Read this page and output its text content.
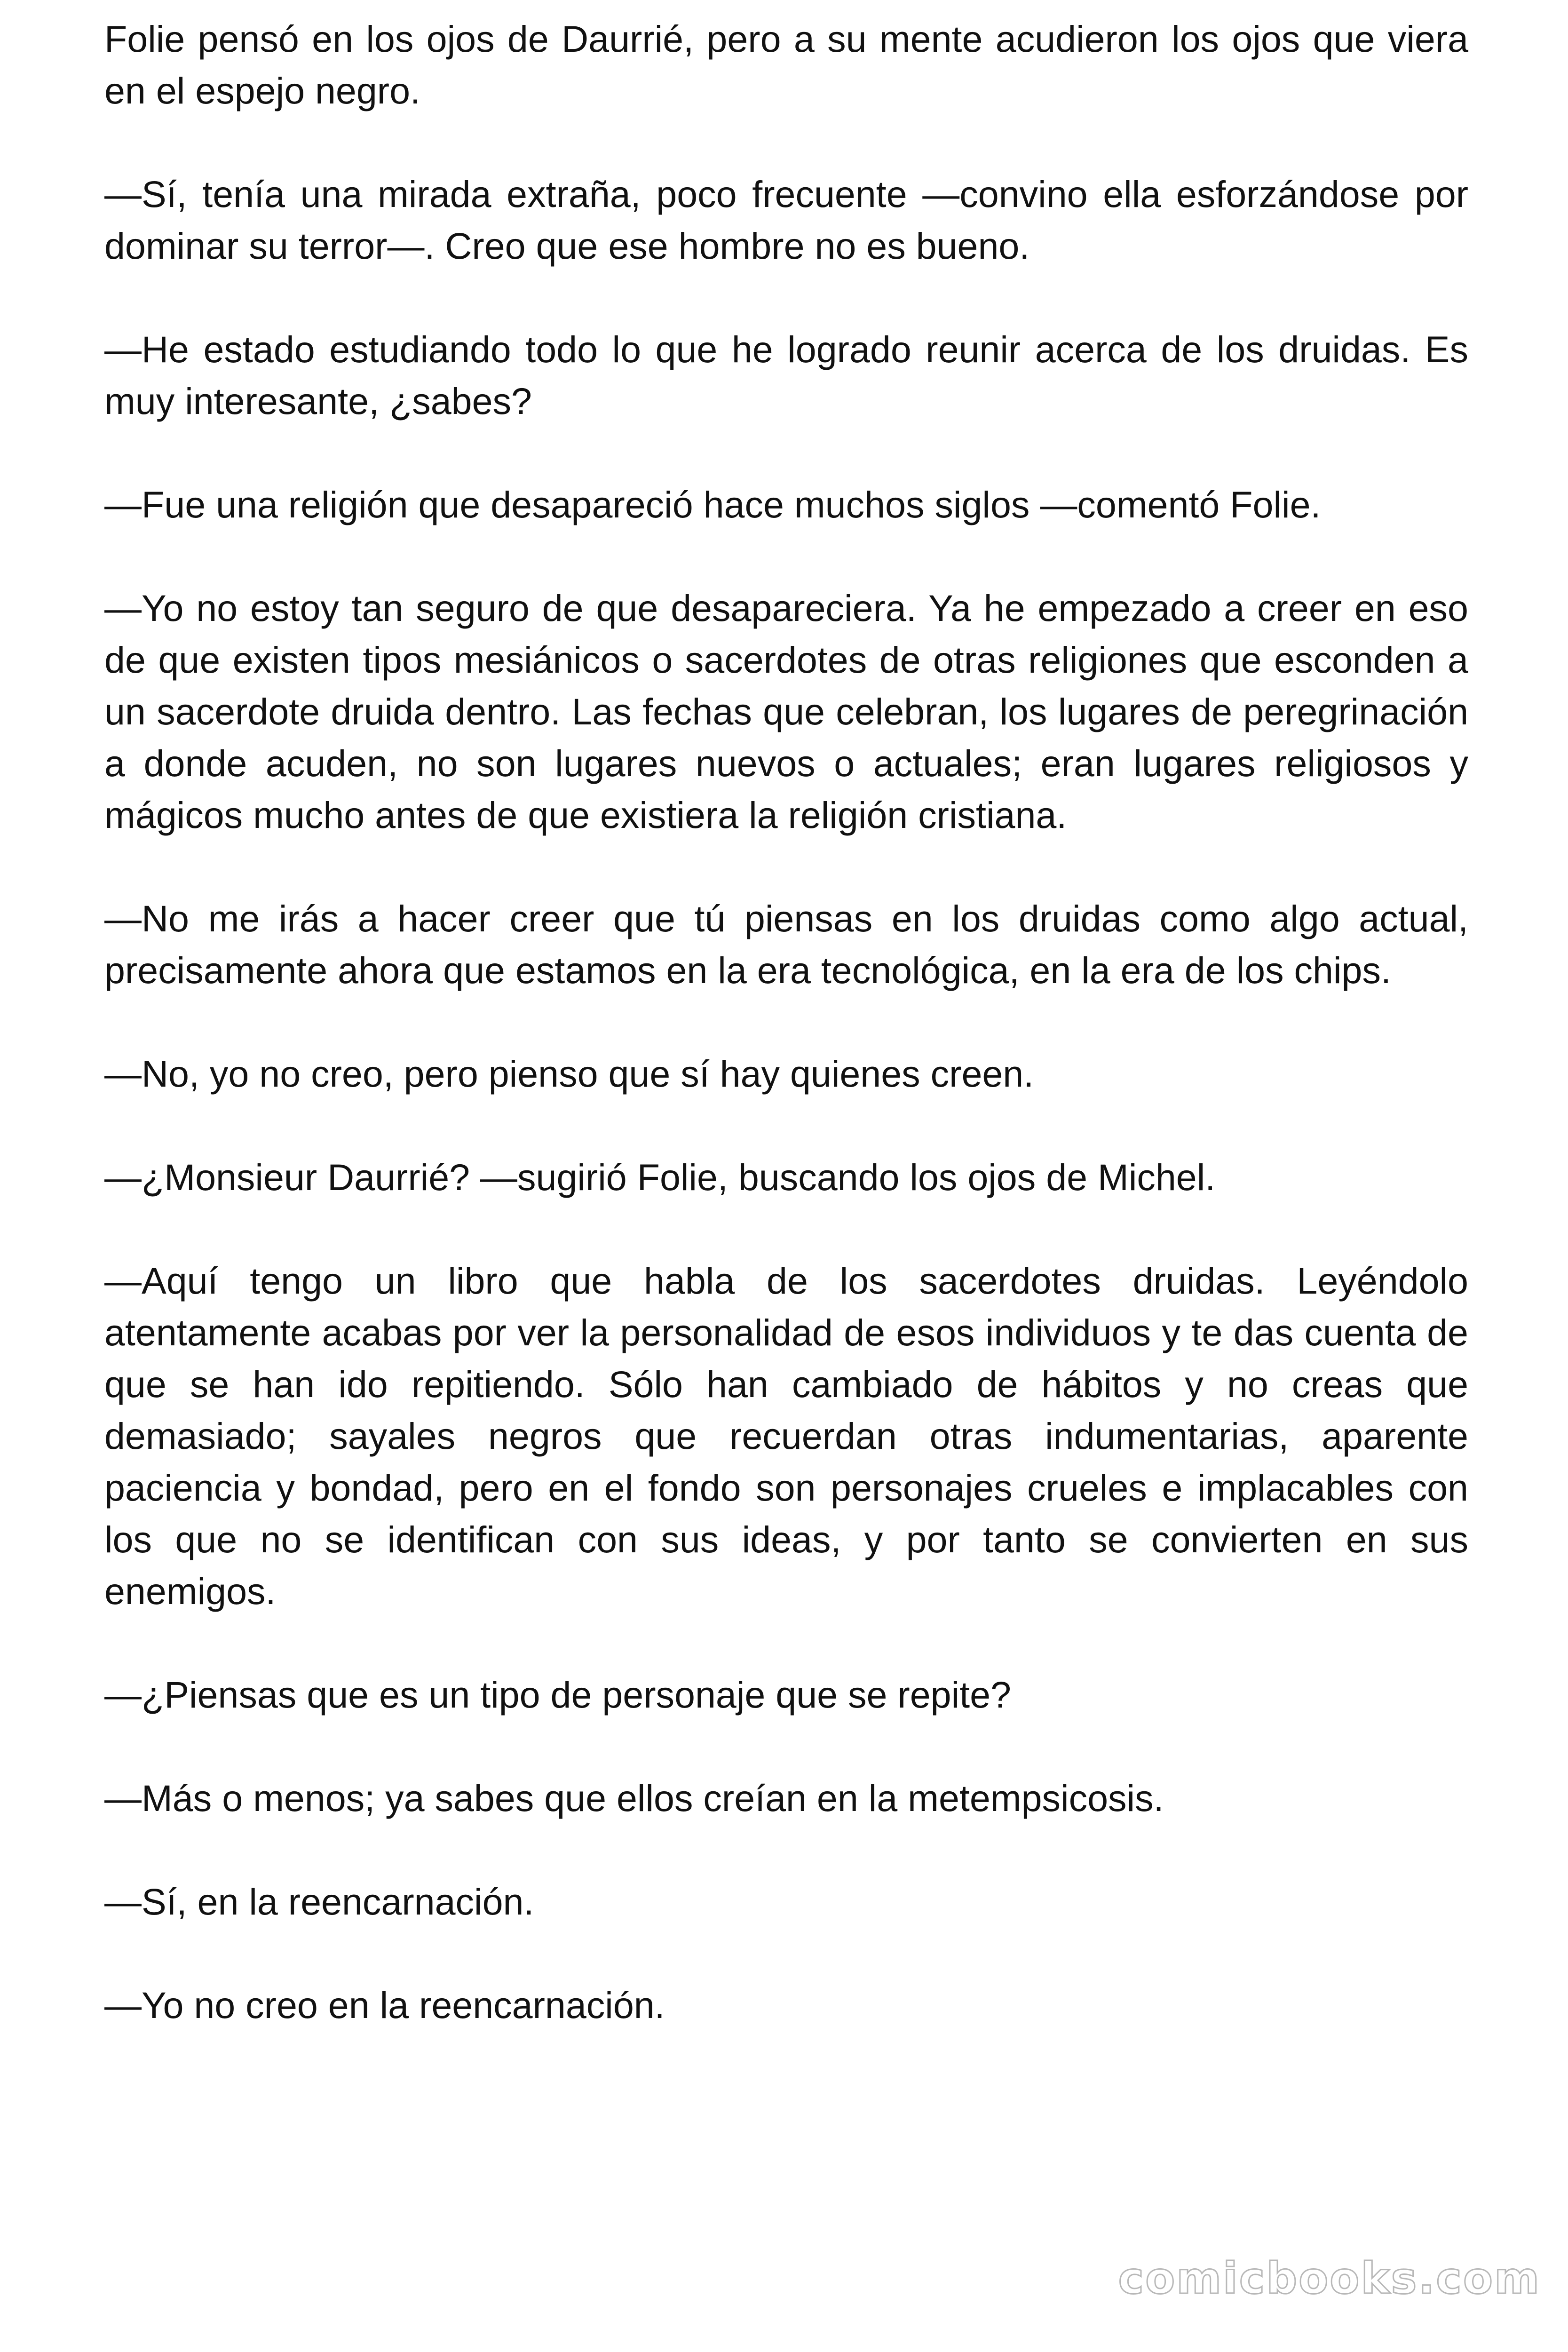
Folie pensó en los ojos de Daurrié, pero a su mente acudieron los ojos que viera en el espejo negro.

—Sí, tenía una mirada extraña, poco frecuente —convino ella esforzándose por dominar su terror—. Creo que ese hombre no es bueno.

—He estado estudiando todo lo que he logrado reunir acerca de los druidas. Es muy interesante, ¿sabes?

—Fue una religión que desapareció hace muchos siglos —comentó Folie.

—Yo no estoy tan seguro de que desapareciera. Ya he empezado a creer en eso de que existen tipos mesiánicos o sacerdotes de otras religiones que esconden a un sacerdote druida dentro. Las fechas que celebran, los lugares de peregrinación a donde acuden, no son lugares nuevos o actuales; eran lugares religiosos y mágicos mucho antes de que existiera la religión cristiana.

—No me irás a hacer creer que tú piensas en los druidas como algo actual, precisamente ahora que estamos en la era tecnológica, en la era de los chips.

—No, yo no creo, pero pienso que sí hay quienes creen.

—¿Monsieur Daurrié? —sugirió Folie, buscando los ojos de Michel.

—Aquí tengo un libro que habla de los sacerdotes druidas. Leyéndolo atentamente acabas por ver la personalidad de esos individuos y te das cuenta de que se han ido repitiendo. Sólo han cambiado de hábitos y no creas que demasiado; sayales negros que recuerdan otras indumentarias, aparente paciencia y bondad, pero en el fondo son personajes crueles e implacables con los que no se identifican con sus ideas, y por tanto se convierten en sus enemigos.

—¿Piensas que es un tipo de personaje que se repite?

—Más o menos; ya sabes que ellos creían en la metempsicosis.

—Sí, en la reencarnación.

—Yo no creo en la reencarnación.

comicbooks.com
